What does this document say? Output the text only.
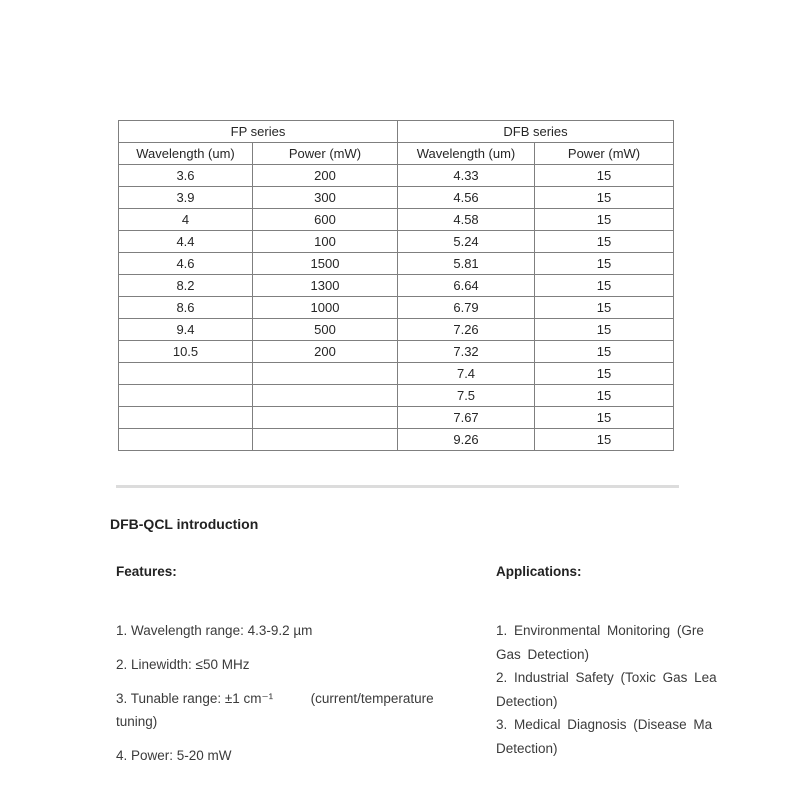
FP series		DFB series	
Wavelength (um)	Power (mW)	Wavelength (um)	Power (mW)
3.6	200	4.33	15
3.9	300	4.56	15
4	600	4.58	15
4.4	100	5.24	15
4.6	1500	5.81	15
8.2	1300	6.64	15
8.6	1000	6.79	15
9.4	500	7.26	15
10.5	200	7.32	15
		7.4	15
		7.5	15
		7.67	15
		9.26	15
DFB-QCL introduction
Features:	Applications:
1. Wavelength range: 4.3-9.2 µm
2. Linewidth: ≤50 MHz
3. Tunable range: ±1 cm⁻¹          (current/temperature
tuning)
4. Power: 5-20 mW
1. Environmental Monitoring (Gre
Gas Detection)
2. Industrial Safety (Toxic Gas Lea
Detection)
3. Medical Diagnosis (Disease Ma
Detection)
